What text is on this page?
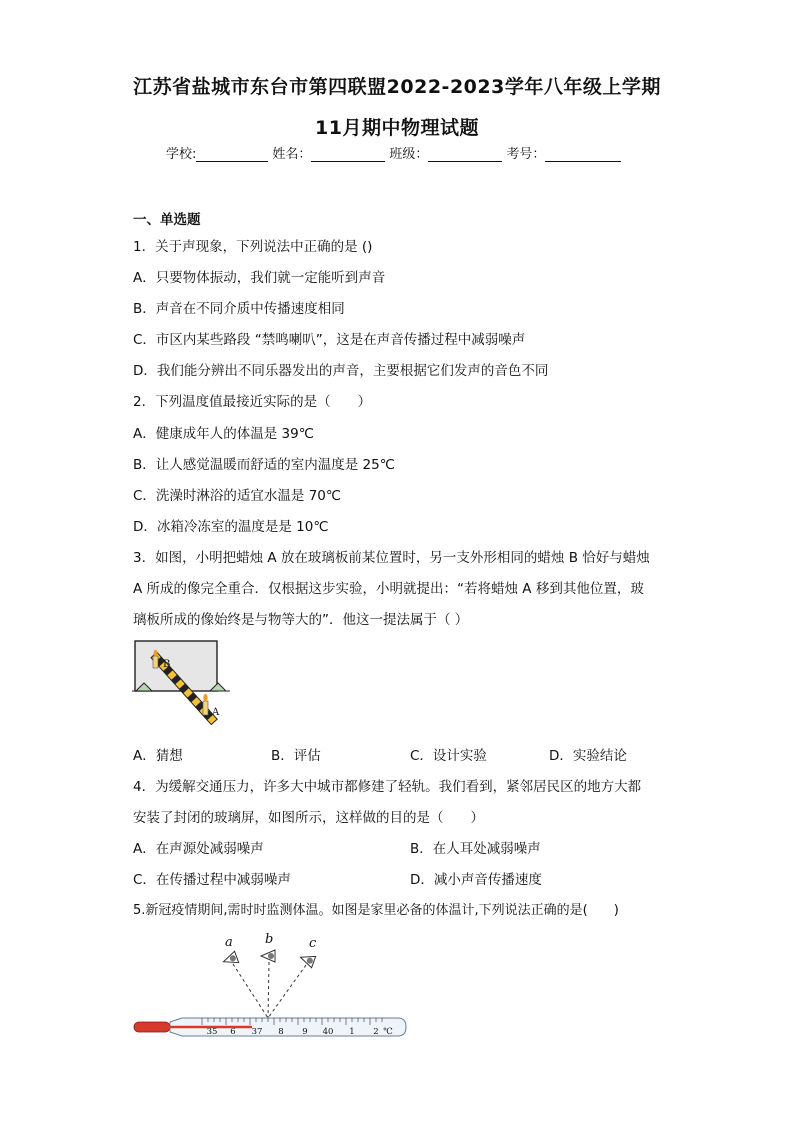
江苏省盐城市东台市第四联盟2022-2023学年八年级上学期
11月期中物理试题
学校:	姓名：	班级：	考号：
一、单选题
1．关于声现象，下列说法中正确的是 ()
A．只要物体振动，我们就一定能听到声音
B．声音在不同介质中传播速度相同
C．市区内某些路段 “禁鸣喇叭”，这是在声音传播过程中减弱噪声
D．我们能分辨出不同乐器发出的声音，主要根据它们发声的音色不同
2．下列温度值最接近实际的是（　　）
A．健康成年人的体温是 39℃
B．让人感觉温暖而舒适的室内温度是 25℃
C．洗澡时淋浴的适宜水温是 70℃
D．冰箱冷冻室的温度是是 10℃
3．如图，小明把蜡烛 A 放在玻璃板前某位置时，另一支外形相同的蜡烛 B 恰好与蜡烛
A 所成的像完全重合．仅根据这步实验，小明就提出：“若将蜡烛 A 移到其他位置，玻
璃板所成的像始终是与物等大的”．他这一提法属于（ ）
B
A
A．猜想	B．评估	C．设计实验	D．实验结论
4．为缓解交通压力，许多大中城市都修建了轻轨。我们看到，紧邻居民区的地方大都
安装了封闭的玻璃屏，如图所示，这样做的目的是（　　）
A．在声源处减弱噪声	B．在人耳处减弱噪声
C．在传播过程中减弱噪声	D．减小声音传播速度
5.新冠疫情期间,需时时监测体温。如图是家里必备的体温计,下列说法正确的是(　　)
a b	c
35 6 37 8 9 40 1 2 ℃
